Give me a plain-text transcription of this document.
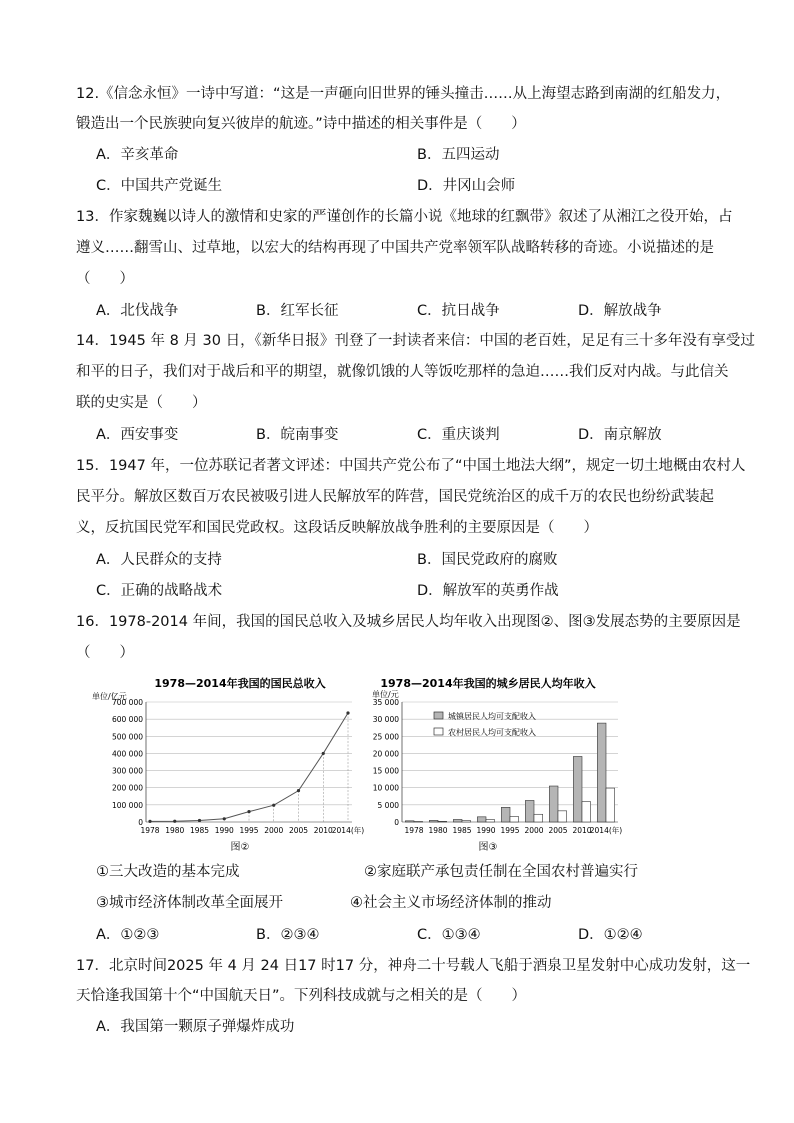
12.《信念永恒》一诗中写道：“这是一声砸向旧世界的锤头撞击……从上海望志路到南湖的红船发力，
锻造出一个民族驶向复兴彼岸的航迹。”诗中描述的相关事件是（　　）
A．辛亥革命	B．五四运动
C．中国共产党诞生	D．井冈山会师
13．作家魏巍以诗人的激情和史家的严谨创作的长篇小说《地球的红飘带》叙述了从湘江之役开始，占
遵义……翻雪山、过草地，以宏大的结构再现了中国共产党率领军队战略转移的奇迹。小说描述的是
（　　）
A．北伐战争	B．红军长征	C．抗日战争	D．解放战争
14．1945 年 8 月 30 日，《新华日报》刊登了一封读者来信：中国的老百姓，足足有三十多年没有享受过
和平的日子，我们对于战后和平的期望，就像饥饿的人等饭吃那样的急迫……我们反对内战。与此信关
联的史实是（　　）
A．西安事变	B．皖南事变	C．重庆谈判	D．南京解放
15．1947 年，一位苏联记者著文评述：中国共产党公布了“中国土地法大纲”，规定一切土地概由农村人
民平分。解放区数百万农民被吸引进人民解放军的阵营，国民党统治区的成千万的农民也纷纷武装起
义，反抗国民党军和国民党政权。这段话反映解放战争胜利的主要原因是（　　）
A．人民群众的支持	B．国民党政府的腐败
C．正确的战略战术	D．解放军的英勇作战
16．1978-2014 年间，我国的国民总收入及城乡居民人均年收入出现图②、图③发展态势的主要原因是
（　　）
1978—2014年我国的国民总收入
单位/亿元
0
100 000
200 000
300 000
400 000
500 000
600 000
700 000
1978 1980 1985 1990 1995 2000 2005 2010
2014(年)
图②
1978—2014年我国的城乡居民人均年收入
单位/元
0
5 000
10 000
15 000
20 000
25 000
30 000
35 000
1978 1980 1985 1990 1995 2000 2005 2010
2014(年)
城镇居民人均可支配收入
农村居民人均可支配收入
图③
①三大改造的基本完成	②家庭联产承包责任制在全国农村普遍实行
③城市经济体制改革全面展开	④社会主义市场经济体制的推动
A．①②③	B．②③④	C．①③④	D．①②④
17．北京时间2025 年 4 月 24 日17 时17 分，神舟二十号载人飞船于酒泉卫星发射中心成功发射，这一
天恰逢我国第十个“中国航天日”。下列科技成就与之相关的是（　　）
A．我国第一颗原子弹爆炸成功
